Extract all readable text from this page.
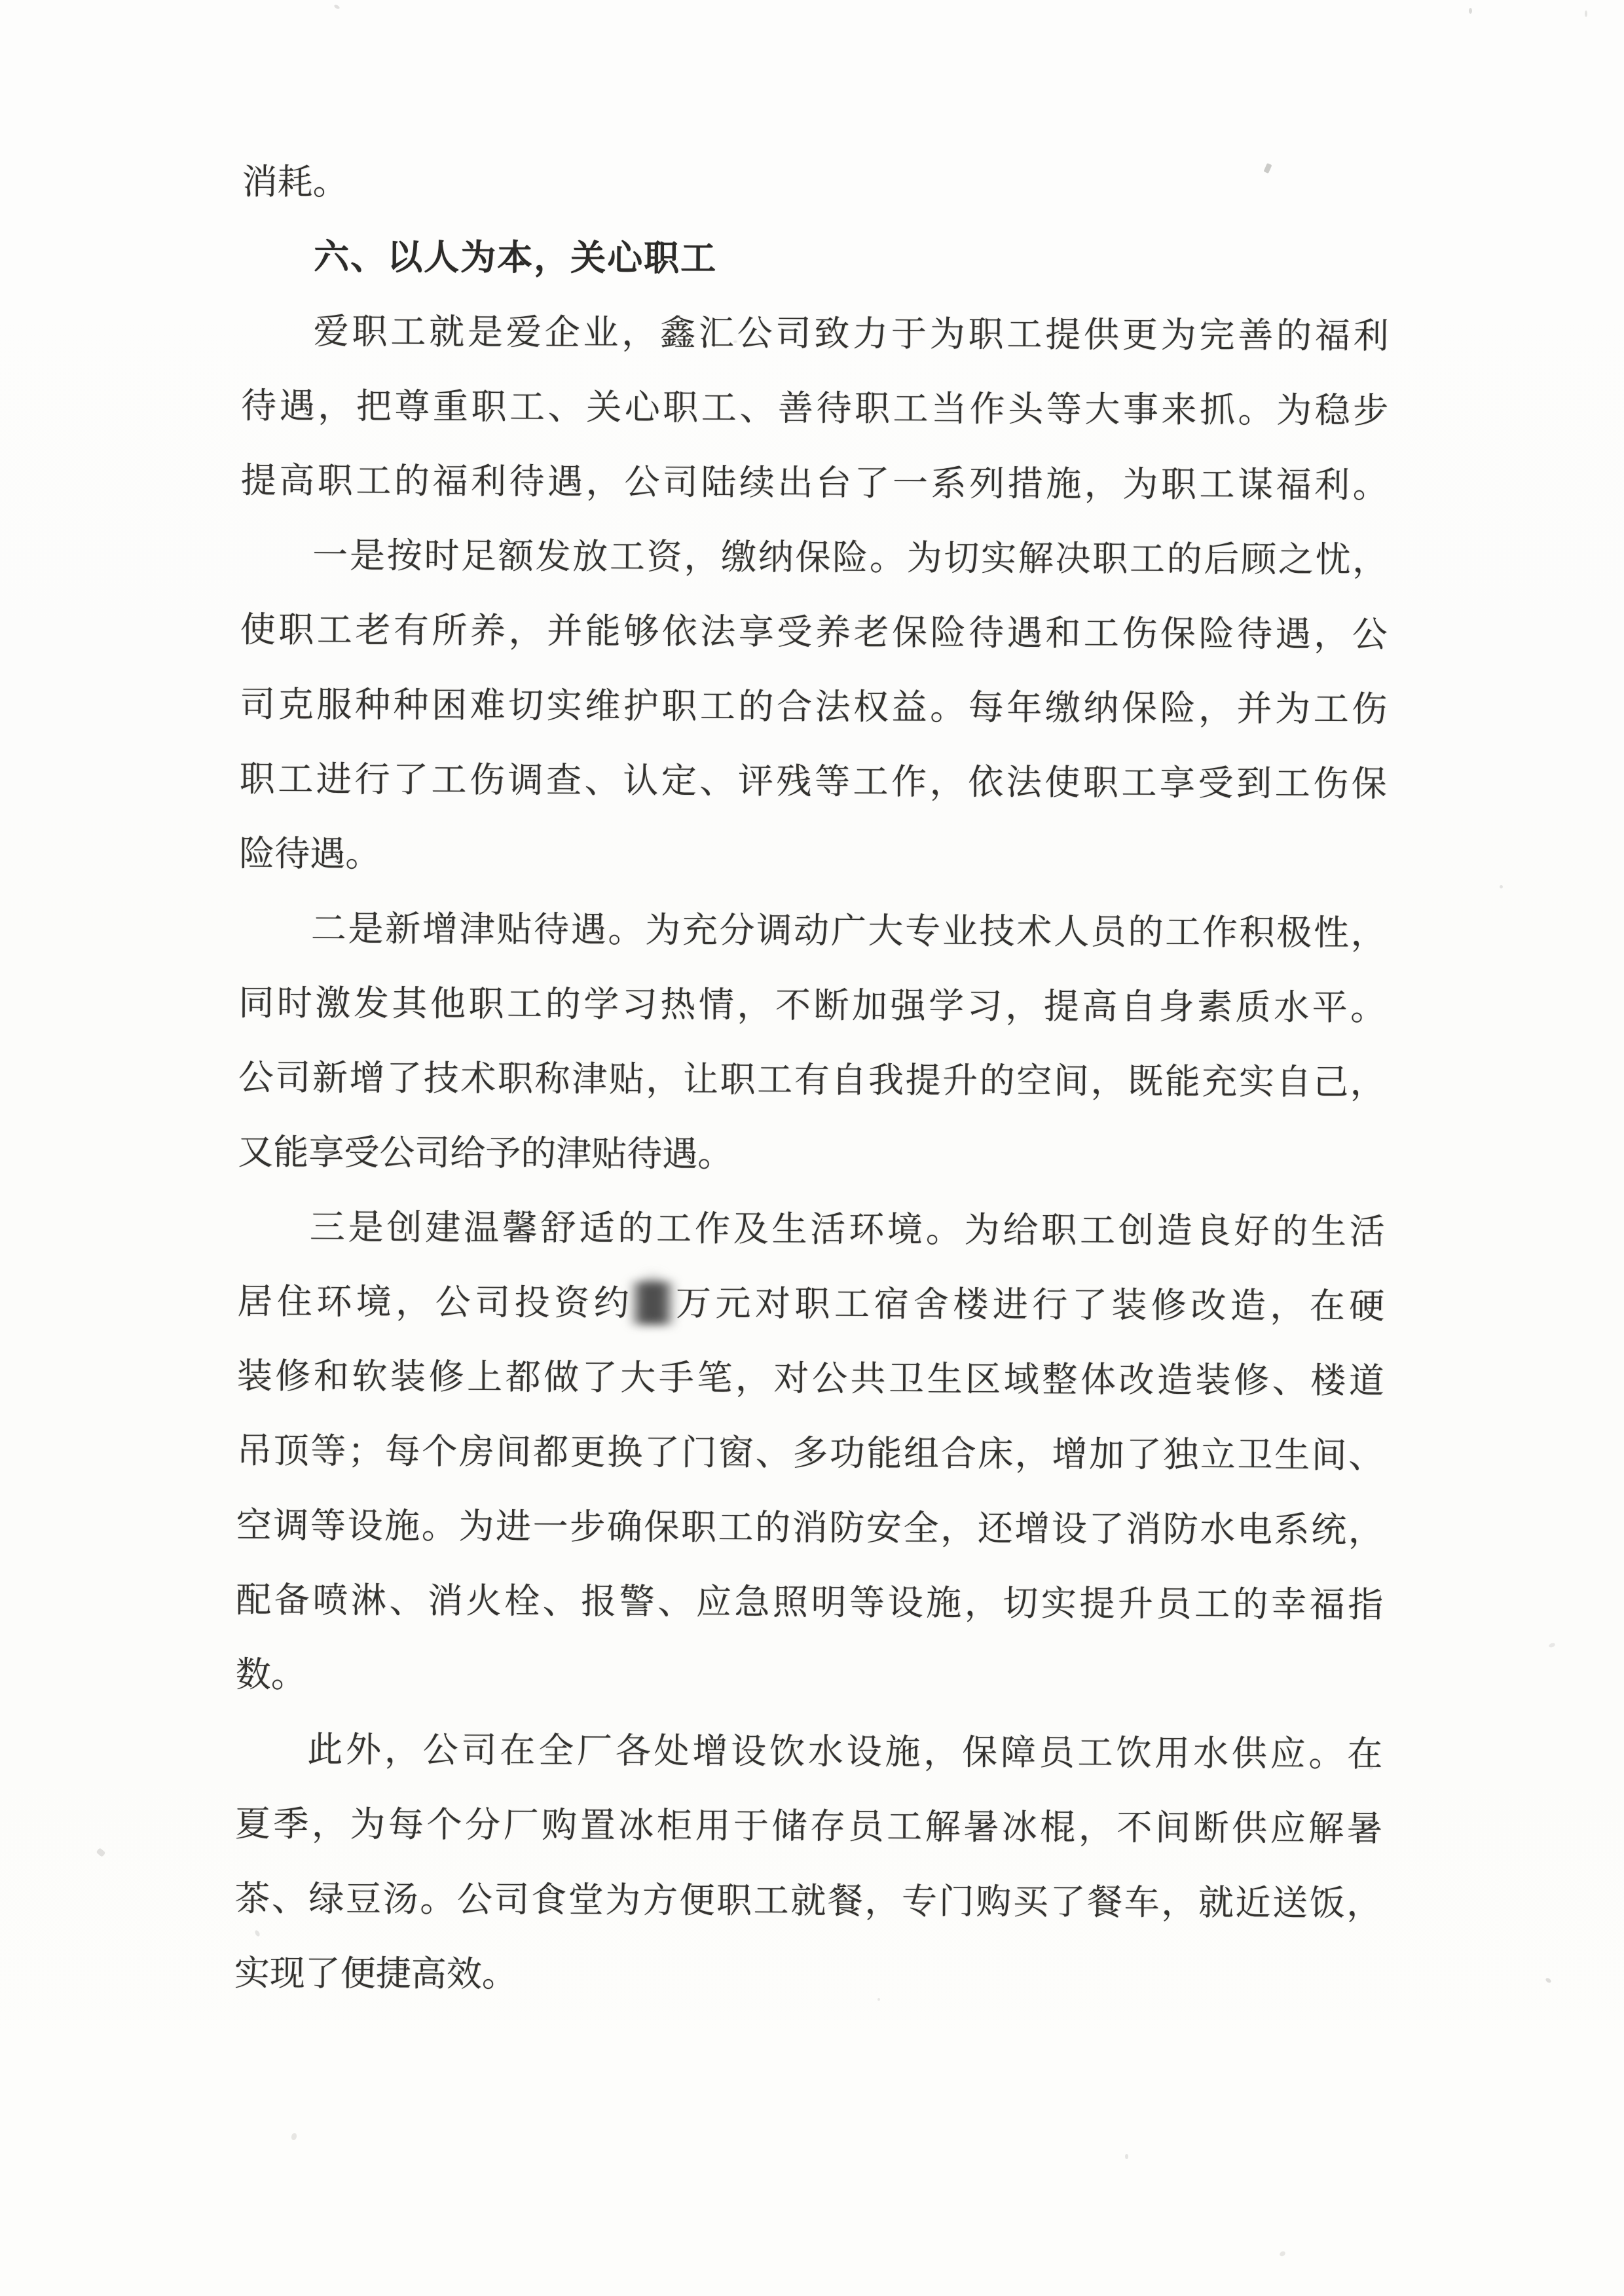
消耗。
六、以人为本，关心职工
爱职工就是爱企业，鑫汇公司致力于为职工提供更为完善的福利
待遇，把尊重职工、关心职工、善待职工当作头等大事来抓。为稳步
提高职工的福利待遇，公司陆续出台了一系列措施，为职工谋福利。
一是按时足额发放工资，缴纳保险。为切实解决职工的后顾之忧，
使职工老有所养，并能够依法享受养老保险待遇和工伤保险待遇，公
司克服种种困难切实维护职工的合法权益。每年缴纳保险，并为工伤
职工进行了工伤调查、认定、评残等工作，依法使职工享受到工伤保
险待遇。
二是新增津贴待遇。为充分调动广大专业技术人员的工作积极性，
同时激发其他职工的学习热情，不断加强学习，提高自身素质水平。
公司新增了技术职称津贴，让职工有自我提升的空间，既能充实自己，
又能享受公司给予的津贴待遇。
三是创建温馨舒适的工作及生活环境。为给职工创造良好的生活
居住环境，公司投资约█万元对职工宿舍楼进行了装修改造，在硬
装修和软装修上都做了大手笔，对公共卫生区域整体改造装修、楼道
吊顶等；每个房间都更换了门窗、多功能组合床，增加了独立卫生间、
空调等设施。为进一步确保职工的消防安全，还增设了消防水电系统，
配备喷淋、消火栓、报警、应急照明等设施，切实提升员工的幸福指
数。
此外，公司在全厂各处增设饮水设施，保障员工饮用水供应。在
夏季，为每个分厂购置冰柜用于储存员工解暑冰棍，不间断供应解暑
茶、绿豆汤。公司食堂为方便职工就餐，专门购买了餐车，就近送饭，
实现了便捷高效。
